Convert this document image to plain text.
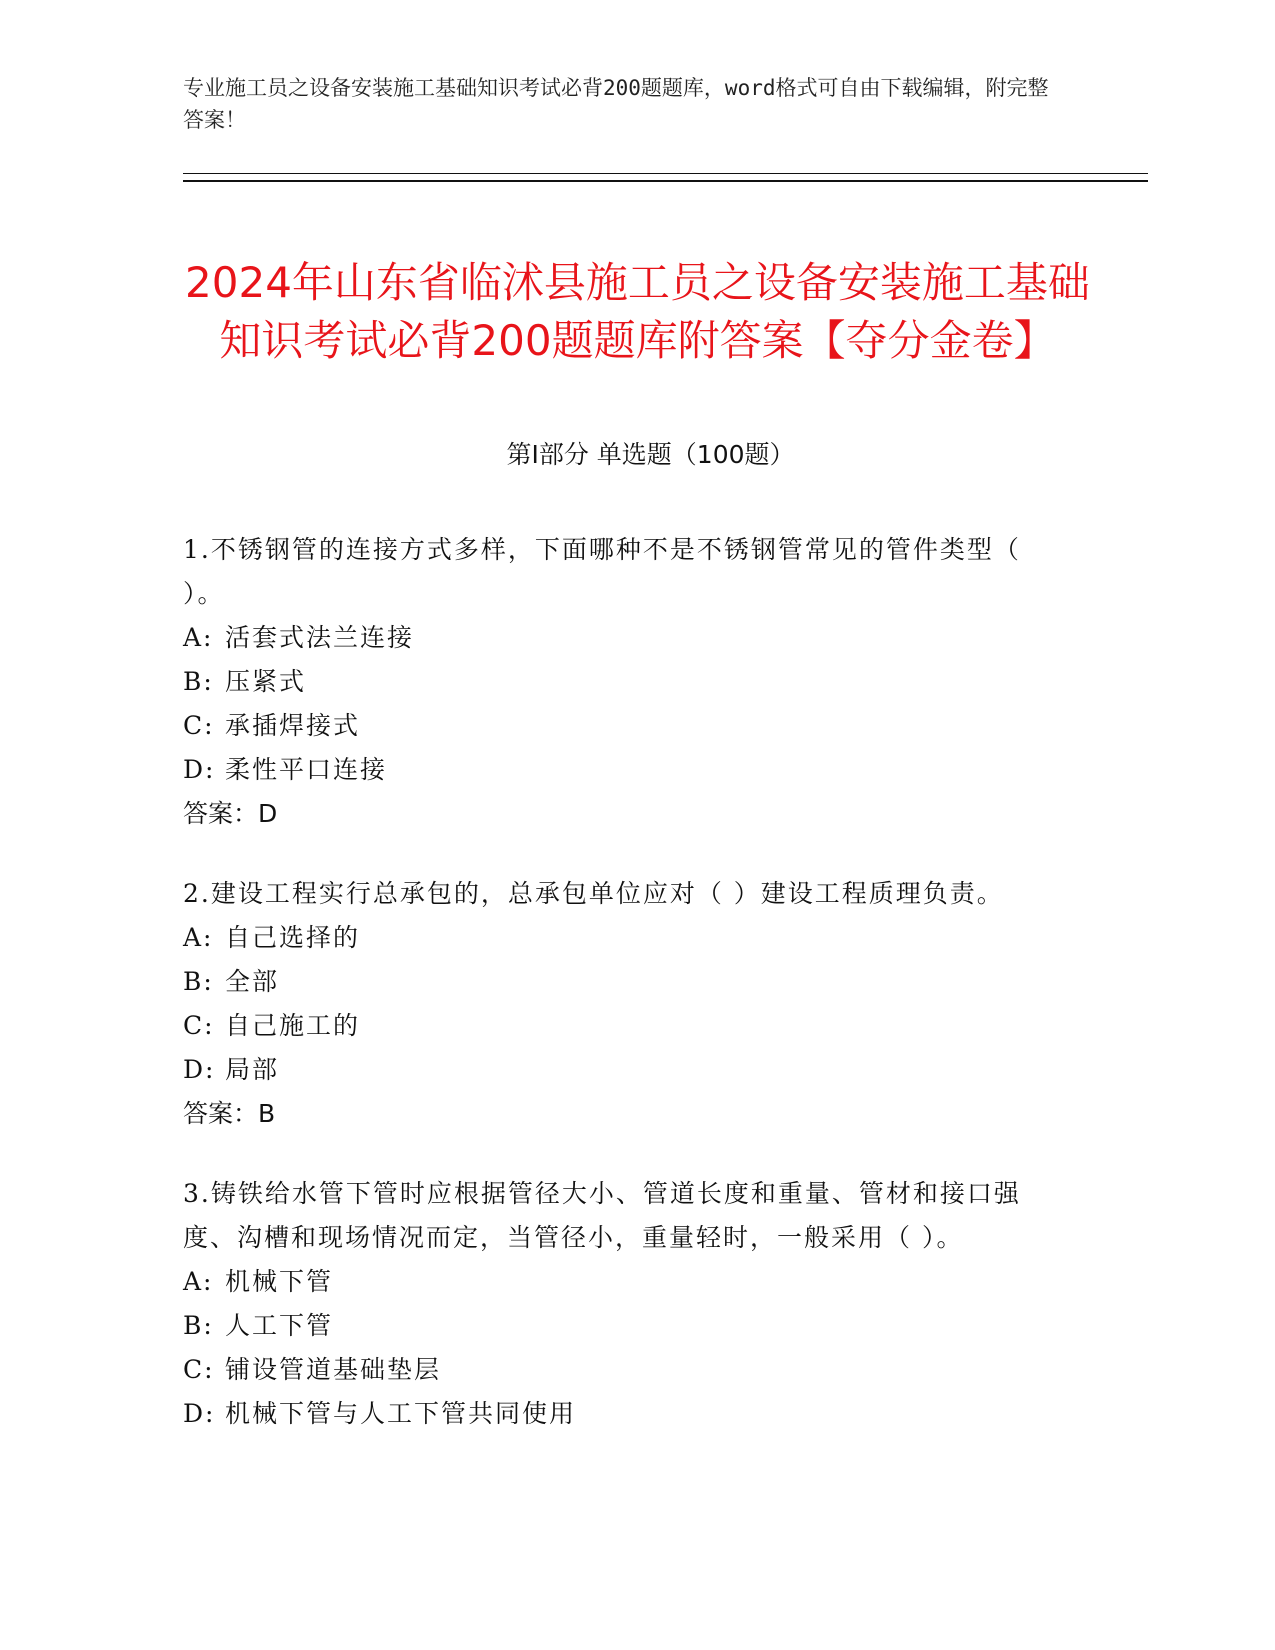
专业施工员之设备安装施工基础知识考试必背200题题库，word格式可自由下载编辑，附完整答案！
2024年山东省临沭县施工员之设备安装施工基础知识考试必背200题题库附答案【夺分金卷】
第I部分 单选题（100题）
1.不锈钢管的连接方式多样，下面哪种不是不锈钢管常见的管件类型（ ）。
A: 活套式法兰连接
B: 压紧式
C: 承插焊接式
D: 柔性平口连接
答案：D
2.建设工程实行总承包的，总承包单位应对（ ）建设工程质理负责。
A: 自己选择的
B: 全部
C: 自己施工的
D: 局部
答案：B
3.铸铁给水管下管时应根据管径大小、管道长度和重量、管材和接口强度、沟槽和现场情况而定，当管径小，重量轻时，一般采用（ ）。
A: 机械下管
B: 人工下管
C: 铺设管道基础垫层
D: 机械下管与人工下管共同使用
